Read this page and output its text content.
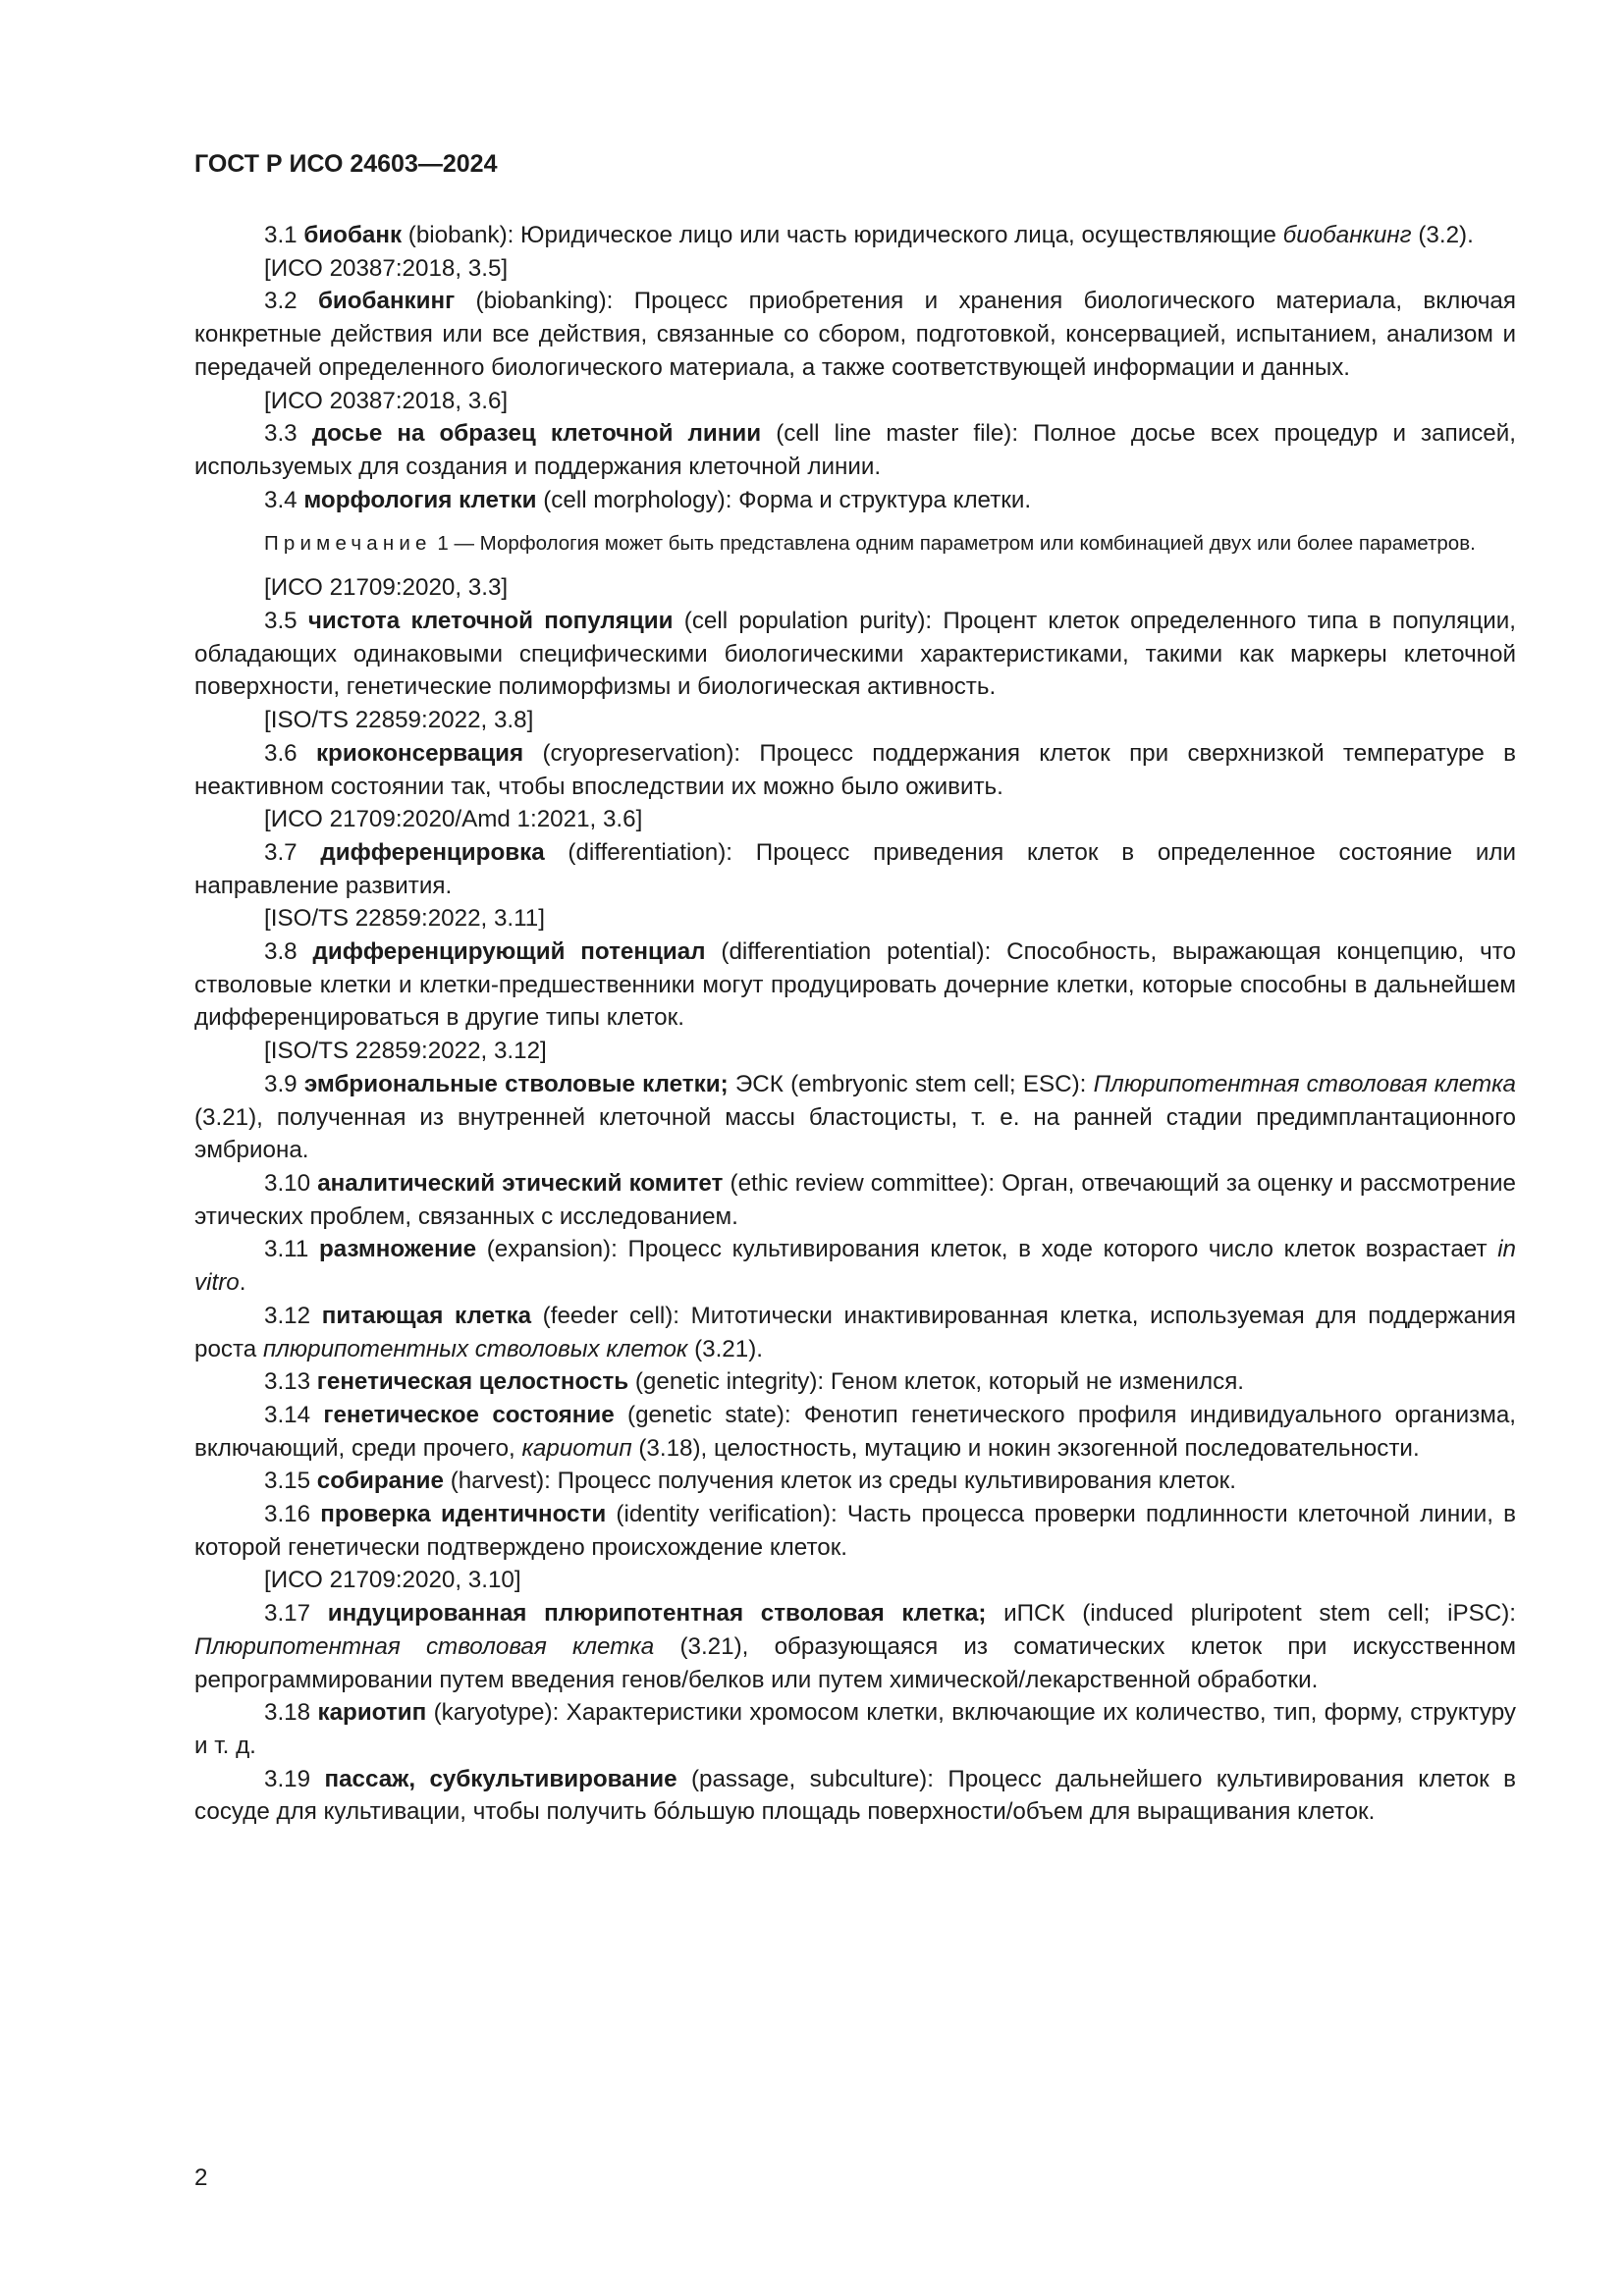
ГОСТ Р ИСО 24603—2024
3.1 биобанк (biobank): Юридическое лицо или часть юридического лица, осуществляющие биобанкинг (3.2).
[ИСО 20387:2018, 3.5]
3.2 биобанкинг (biobanking): Процесс приобретения и хранения биологического материала, включая конкретные действия или все действия, связанные со сбором, подготовкой, консервацией, испытанием, анализом и передачей определенного биологического материала, а также соответствующей информации и данных.
[ИСО 20387:2018, 3.6]
3.3 досье на образец клеточной линии (cell line master file): Полное досье всех процедур и записей, используемых для создания и поддержания клеточной линии.
3.4 морфология клетки (cell morphology): Форма и структура клетки.
Примечание 1 — Морфология может быть представлена одним параметром или комбинацией двух или более параметров.
[ИСО 21709:2020, 3.3]
3.5 чистота клеточной популяции (cell population purity): Процент клеток определенного типа в популяции, обладающих одинаковыми специфическими биологическими характеристиками, такими как маркеры клеточной поверхности, генетические полиморфизмы и биологическая активность.
[ISO/TS 22859:2022, 3.8]
3.6 криоконсервация (cryopreservation): Процесс поддержания клеток при сверхнизкой температуре в неактивном состоянии так, чтобы впоследствии их можно было оживить.
[ИСО 21709:2020/Amd 1:2021, 3.6]
3.7 дифференцировка (differentiation): Процесс приведения клеток в определенное состояние или направление развития.
[ISO/TS 22859:2022, 3.11]
3.8 дифференцирующий потенциал (differentiation potential): Способность, выражающая концепцию, что стволовые клетки и клетки-предшественники могут продуцировать дочерние клетки, которые способны в дальнейшем дифференцироваться в другие типы клеток.
[ISO/TS 22859:2022, 3.12]
3.9 эмбриональные стволовые клетки; ЭСК (embryonic stem cell; ESC): Плюрипотентная стволовая клетка (3.21), полученная из внутренней клеточной массы бластоцисты, т. е. на ранней стадии предимплантационного эмбриона.
3.10 аналитический этический комитет (ethic review committee): Орган, отвечающий за оценку и рассмотрение этических проблем, связанных с исследованием.
3.11 размножение (expansion): Процесс культивирования клеток, в ходе которого число клеток возрастает in vitro.
3.12 питающая клетка (feeder cell): Митотически инактивированная клетка, используемая для поддержания роста плюрипотентных стволовых клеток (3.21).
3.13 генетическая целостность (genetic integrity): Геном клеток, который не изменился.
3.14 генетическое состояние (genetic state): Фенотип генетического профиля индивидуального организма, включающий, среди прочего, кариотип (3.18), целостность, мутацию и нокин экзогенной последовательности.
3.15 собирание (harvest): Процесс получения клеток из среды культивирования клеток.
3.16 проверка идентичности (identity verification): Часть процесса проверки подлинности клеточной линии, в которой генетически подтверждено происхождение клеток.
[ИСО 21709:2020, 3.10]
3.17 индуцированная плюрипотентная стволовая клетка; иПСК (induced pluripotent stem cell; iPSC): Плюрипотентная стволовая клетка (3.21), образующаяся из соматических клеток при искусственном репрограммировании путем введения генов/белков или путем химической/лекарственной обработки.
3.18 кариотип (karyotype): Характеристики хромосом клетки, включающие их количество, тип, форму, структуру и т. д.
3.19 пассаж, субкультивирование (passage, subculture): Процесс дальнейшего культивирования клеток в сосуде для культивации, чтобы получить бóльшую площадь поверхности/объем для выращивания клеток.
2
